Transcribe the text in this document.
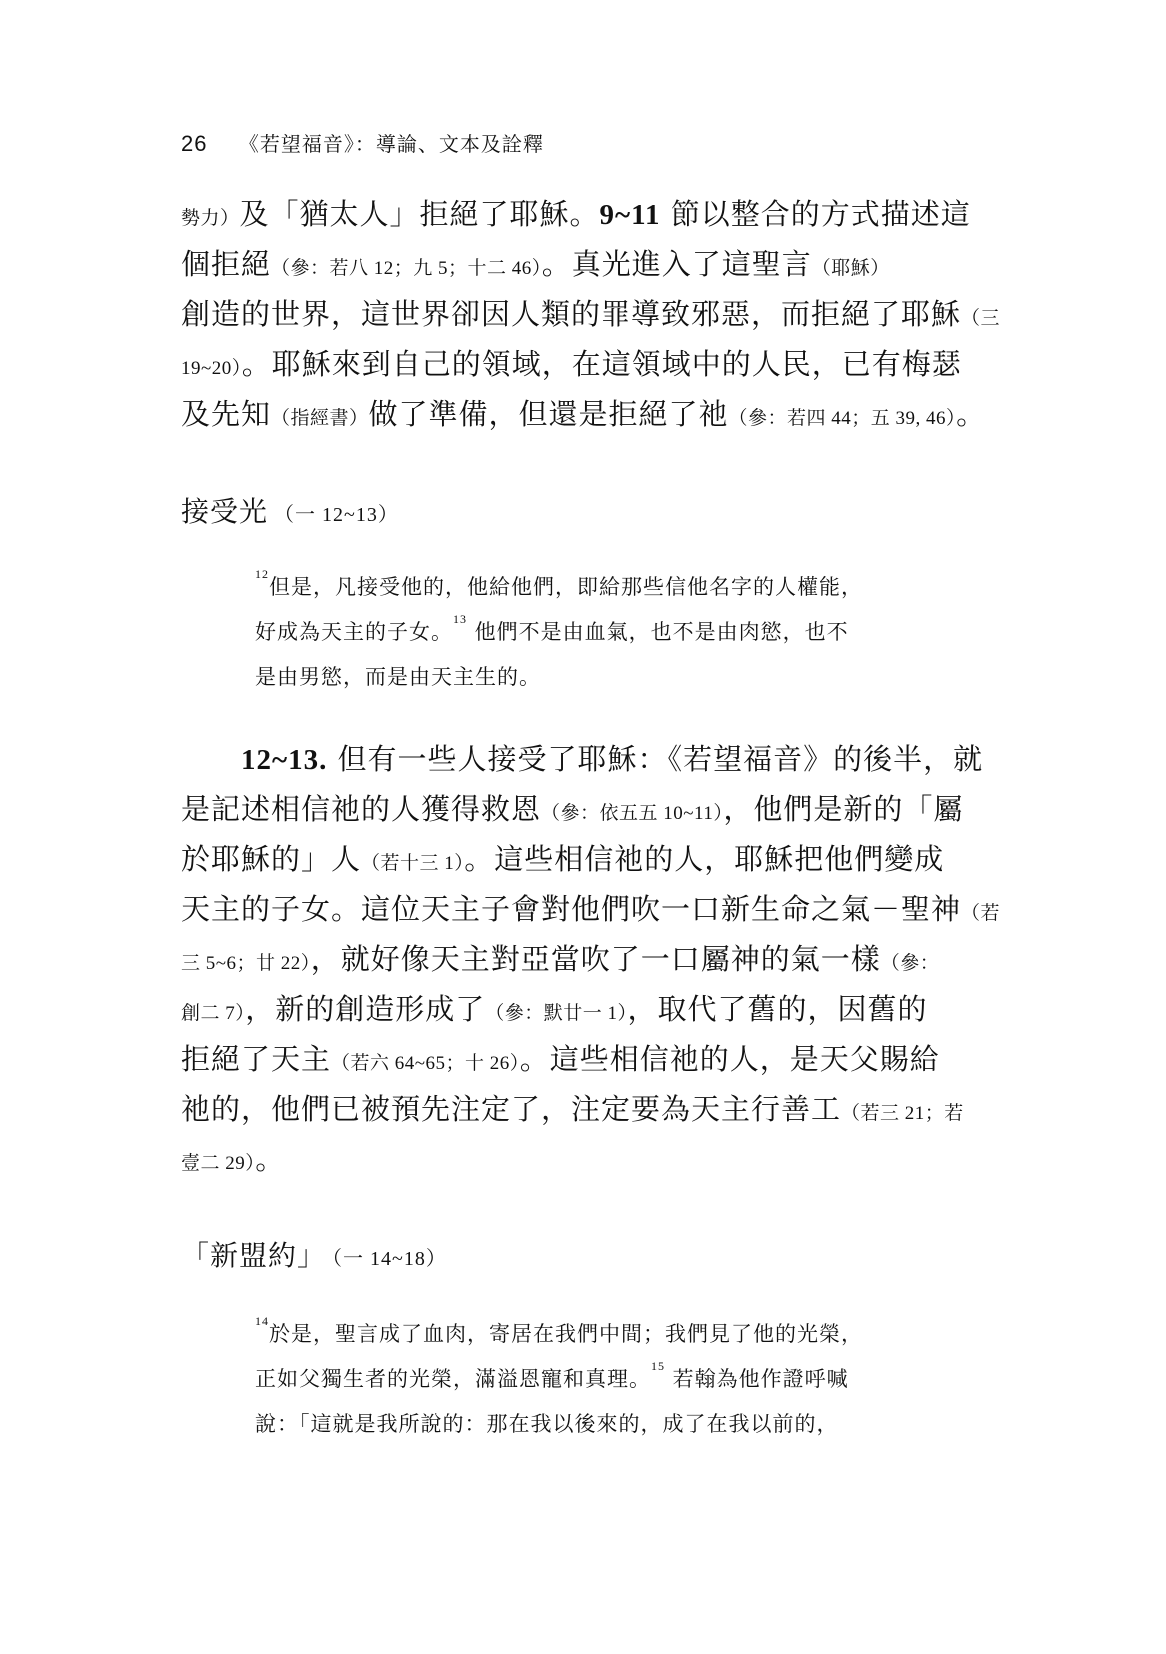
26 《若望福音》：導論、文本及詮釋
勢力）及「猶太人」拒絕了耶穌。9~11 節以整合的方式描述這
個拒絕（參：若八 12；九 5；十二 46）。真光進入了這聖言（耶穌）
創造的世界，這世界卻因人類的罪導致邪惡，而拒絕了耶穌（三
19~20）。耶穌來到自己的領域，在這領域中的人民，已有梅瑟
及先知（指經書）做了準備，但還是拒絕了祂（參：若四 44；五 39, 46）。
接受光 （一 12~13）
$^{12}$但是，凡接受他的，他給他們，即給那些信他名字的人權能，
好成為天主的子女。$^{13}$ 他們不是由血氣，也不是由肉慾，也不
是由男慾，而是由天主生的。
12~13. 但有一些人接受了耶穌：《若望福音》的後半，就
是記述相信祂的人獲得救恩（參：依五五 10~11），他們是新的「屬
於耶穌的」人（若十三 1）。這些相信祂的人，耶穌把他們變成
天主的子女。這位天主子會對他們吹一口新生命之氣－聖神（若
三 5~6；廿 22），就好像天主對亞當吹了一口屬神的氣一樣（參：
創二 7），新的創造形成了（參：默廿一 1），取代了舊的，因舊的
拒絕了天主（若六 64~65；十 26）。這些相信祂的人，是天父賜給
祂的，他們已被預先注定了，注定要為天主行善工（若三 21；若
壹二 29）。
「新盟約」 （一 14~18）
$^{14}$於是，聖言成了血肉，寄居在我們中間；我們見了他的光榮，
正如父獨生者的光榮，滿溢恩寵和真理。$^{15}$ 若翰為他作證呼喊
說：「這就是我所說的：那在我以後來的，成了在我以前的，
